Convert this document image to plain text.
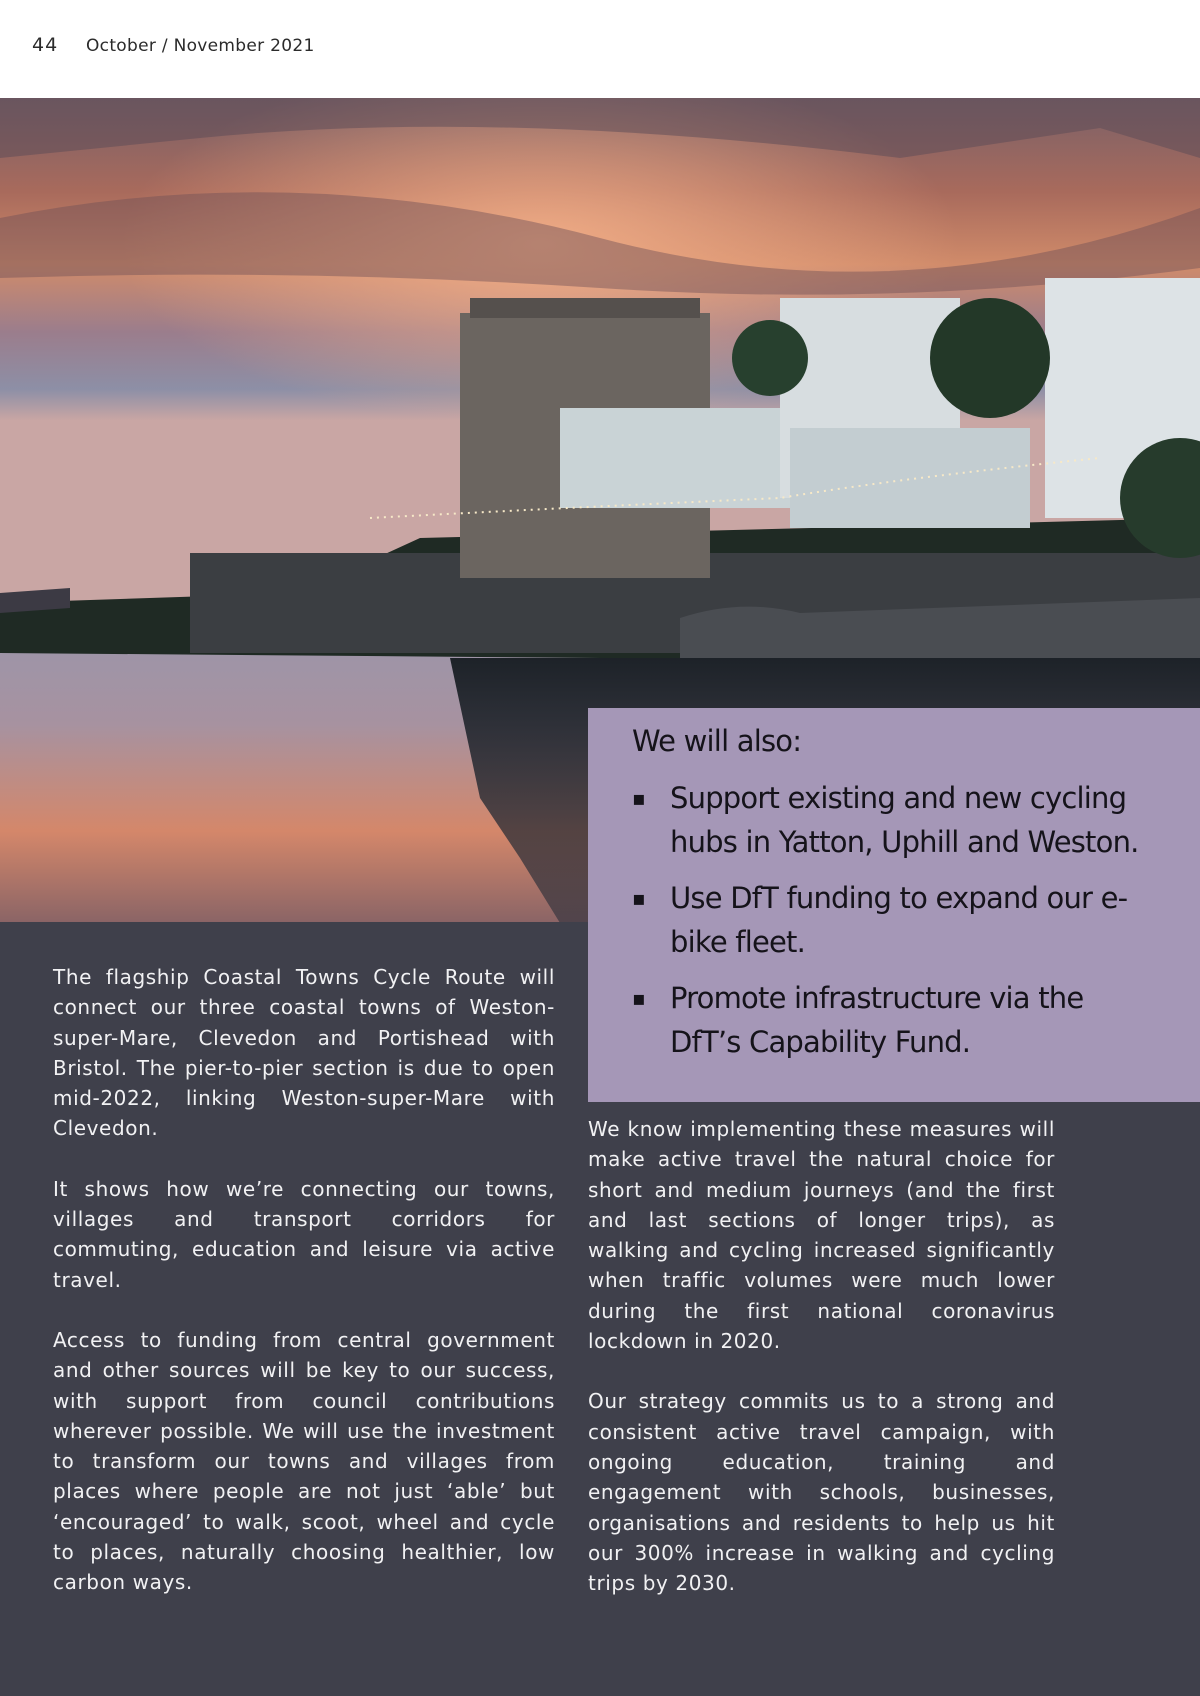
44 October / November 2021
We will also:
▪ Support existing and new cycling hubs in Yatton, Uphill and Weston.
▪ Use DfT funding to expand our e-bike fleet.
▪ Promote infrastructure via the DfT’s Capability Fund.

The flagship Coastal Towns Cycle Route will connect our three coastal towns of Weston-super-Mare, Clevedon and Portishead with Bristol. The pier-to-pier section is due to open mid-2022, linking Weston-super-Mare with Clevedon.

It shows how we’re connecting our towns, villages and transport corridors for commuting, education and leisure via active travel.

Access to funding from central government and other sources will be key to our success, with support from council contributions wherever possible. We will use the investment to transform our towns and villages from places where people are not just ‘able’ but ‘encouraged’ to walk, scoot, wheel and cycle to places, naturally choosing healthier, low carbon ways.

We know implementing these measures will make active travel the natural choice for short and medium journeys (and the first and last sections of longer trips), as walking and cycling increased significantly when traffic volumes were much lower during the first national coronavirus lockdown in 2020.

Our strategy commits us to a strong and consistent active travel campaign, with ongoing education, training and engagement with schools, businesses, organisations and residents to help us hit our 300% increase in walking and cycling trips by 2030.
